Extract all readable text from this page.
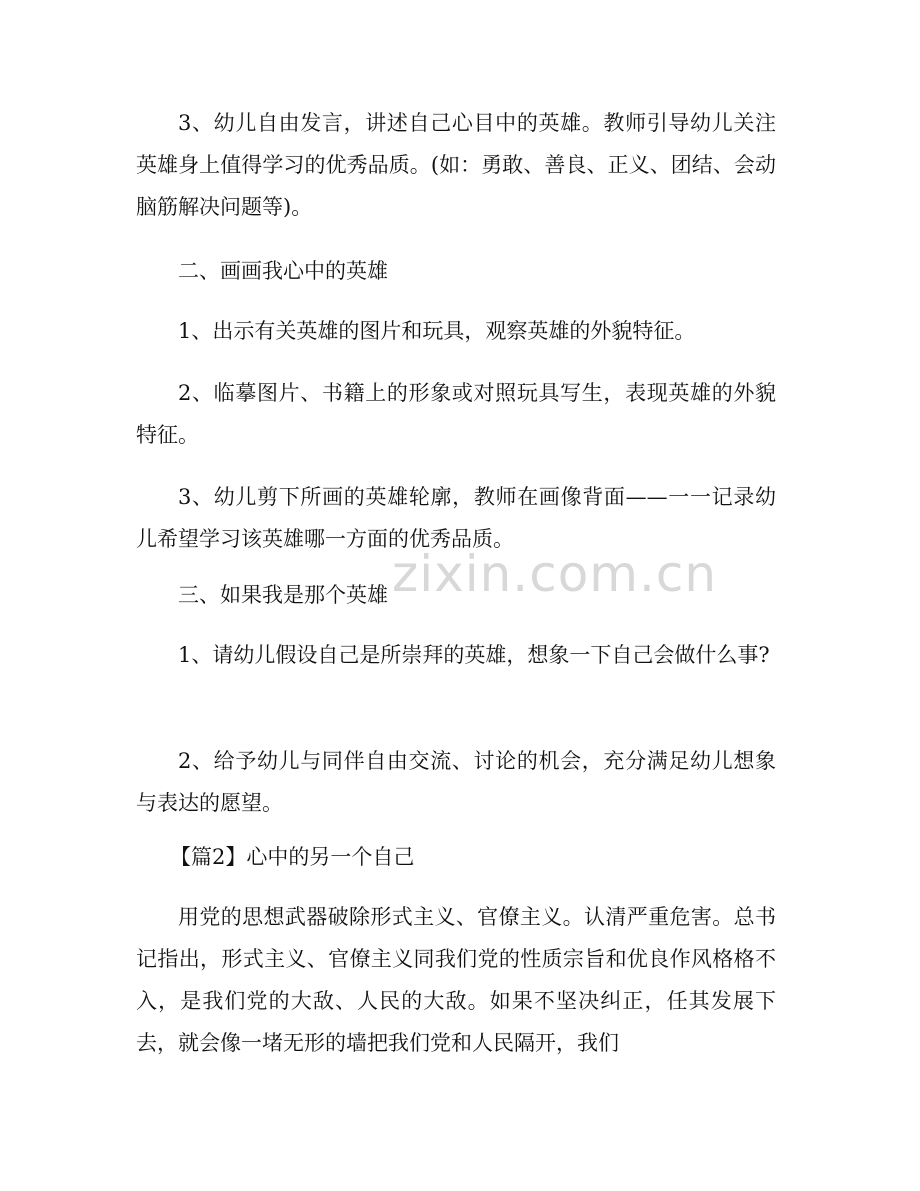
3、幼儿自由发言，讲述自己心目中的英雄。教师引导幼儿关注英雄身上值得学习的优秀品质。(如：勇敢、善良、正义、团结、会动脑筋解决问题等)。

二、画画我心中的英雄

1、出示有关英雄的图片和玩具，观察英雄的外貌特征。

2、临摹图片、书籍上的形象或对照玩具写生，表现英雄的外貌特征。

3、幼儿剪下所画的英雄轮廓，教师在画像背面——一一记录幼儿希望学习该英雄哪一方面的优秀品质。

zixin.com.cn

三、如果我是那个英雄

1、请幼儿假设自己是所崇拜的英雄，想象一下自己会做什么事?

2、给予幼儿与同伴自由交流、讨论的机会，充分满足幼儿想象与表达的愿望。

【篇2】心中的另一个自己

用党的思想武器破除形式主义、官僚主义。认清严重危害。总书记指出，形式主义、官僚主义同我们党的性质宗旨和优良作风格格不入，是我们党的大敌、人民的大敌。如果不坚决纠正，任其发展下去，就会像一堵无形的墙把我们党和人民隔开，我们
